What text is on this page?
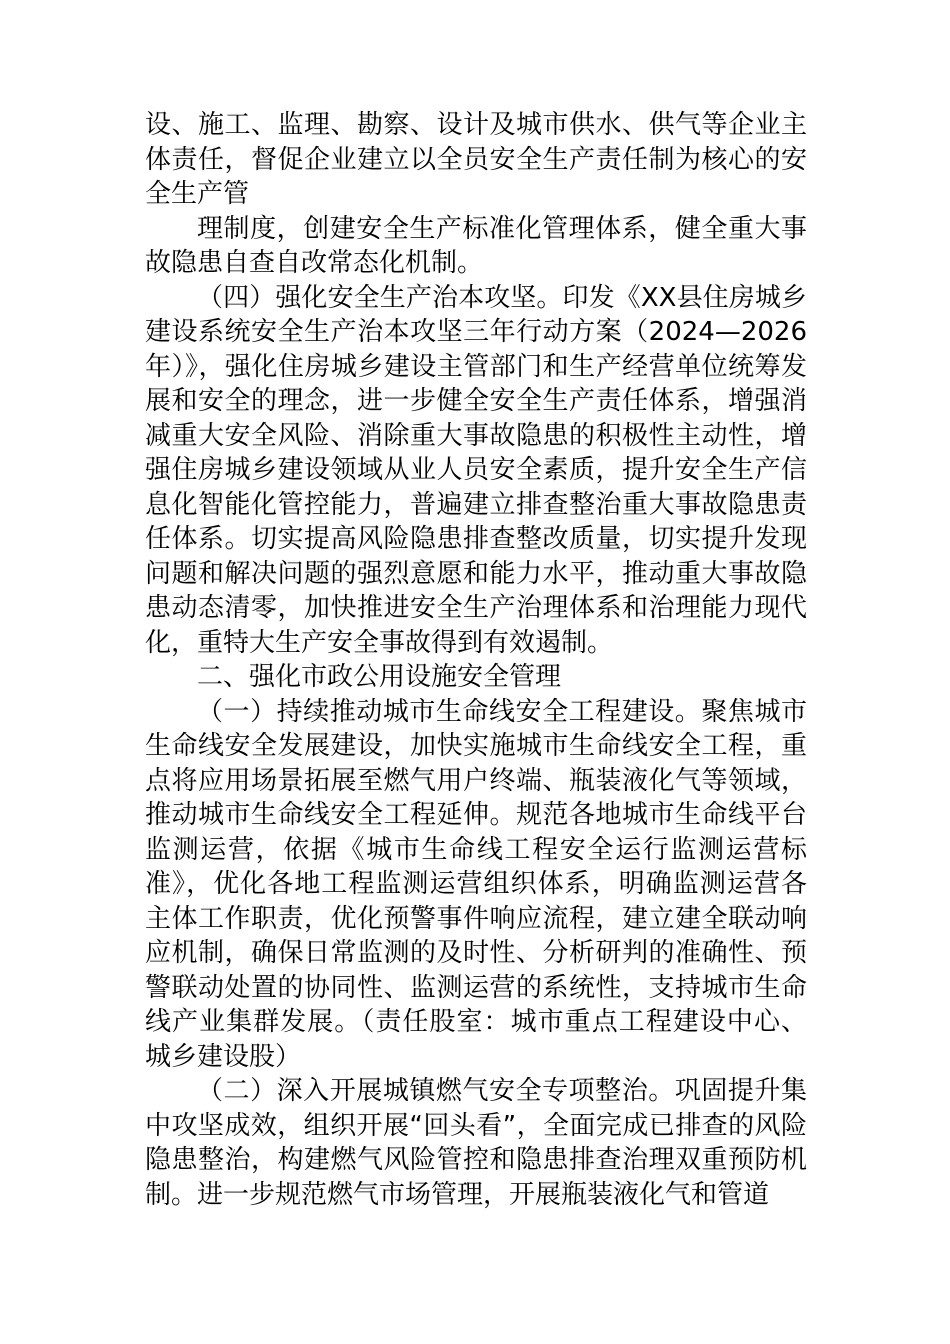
设、施工、监理、勘察、设计及城市供水、供气等企业主体责任，督促企业建立以全员安全生产责任制为核心的安全生产管

理制度，创建安全生产标准化管理体系，健全重大事故隐患自查自改常态化机制。

（四）强化安全生产治本攻坚。印发《XX县住房城乡建设系统安全生产治本攻坚三年行动方案（2024—2026年）》，强化住房城乡建设主管部门和生产经营单位统筹发展和安全的理念，进一步健全安全生产责任体系，增强消减重大安全风险、消除重大事故隐患的积极性主动性，增强住房城乡建设领域从业人员安全素质，提升安全生产信息化智能化管控能力，普遍建立排查整治重大事故隐患责任体系。切实提高风险隐患排查整改质量，切实提升发现问题和解决问题的强烈意愿和能力水平，推动重大事故隐患动态清零，加快推进安全生产治理体系和治理能力现代化，重特大生产安全事故得到有效遏制。

二、强化市政公用设施安全管理

（一）持续推动城市生命线安全工程建设。聚焦城市生命线安全发展建设，加快实施城市生命线安全工程，重点将应用场景拓展至燃气用户终端、瓶装液化气等领域，推动城市生命线安全工程延伸。规范各地城市生命线平台监测运营，依据《城市生命线工程安全运行监测运营标准》，优化各地工程监测运营组织体系，明确监测运营各主体工作职责，优化预警事件响应流程，建立建全联动响应机制，确保日常监测的及时性、分析研判的准确性、预警联动处置的协同性、监测运营的系统性，支持城市生命线产业集群发展。（责任股室：城市重点工程建设中心、城乡建设股）

（二）深入开展城镇燃气安全专项整治。巩固提升集中攻坚成效，组织开展“回头看”，全面完成已排查的风险隐患整治，构建燃气风险管控和隐患排查治理双重预防机制。进一步规范燃气市场管理，开展瓶装液化气和管道
